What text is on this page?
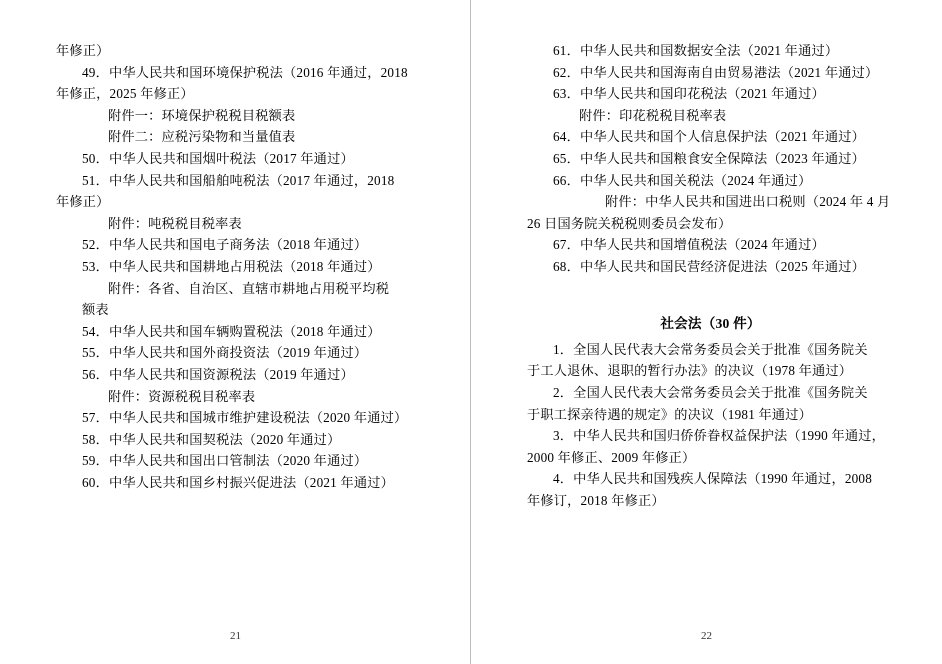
年修正）

49．中华人民共和国环境保护税法（2016 年通过，2018

年修正，2025 年修正）

附件一：环境保护税税目税额表

附件二：应税污染物和当量值表

50．中华人民共和国烟叶税法（2017 年通过）

51．中华人民共和国船舶吨税法（2017 年通过，2018

年修正）

附件：吨税税目税率表

52．中华人民共和国电子商务法（2018 年通过）

53．中华人民共和国耕地占用税法（2018 年通过）

附件：各省、自治区、直辖市耕地占用税平均税

额表

54．中华人民共和国车辆购置税法（2018 年通过）

55．中华人民共和国外商投资法（2019 年通过）

56．中华人民共和国资源税法（2019 年通过）

附件：资源税税目税率表

57．中华人民共和国城市维护建设税法（2020 年通过）

58．中华人民共和国契税法（2020 年通过）

59．中华人民共和国出口管制法（2020 年通过）

60．中华人民共和国乡村振兴促进法（2021 年通过）

21

61．中华人民共和国数据安全法（2021 年通过）

62．中华人民共和国海南自由贸易港法（2021 年通过）

63．中华人民共和国印花税法（2021 年通过）

附件：印花税税目税率表

64．中华人民共和国个人信息保护法（2021 年通过）

65．中华人民共和国粮食安全保障法（2023 年通过）

66．中华人民共和国关税法（2024 年通过）

附件：中华人民共和国进出口税则（2024 年 4 月

26 日国务院关税税则委员会发布）

67．中华人民共和国增值税法（2024 年通过）

68．中华人民共和国民营经济促进法（2025 年通过）

社会法（30 件）

1．全国人民代表大会常务委员会关于批准《国务院关

于工人退休、退职的暂行办法》的决议（1978 年通过）

2．全国人民代表大会常务委员会关于批准《国务院关

于职工探亲待遇的规定》的决议（1981 年通过）

3．中华人民共和国归侨侨眷权益保护法（1990 年通过，

2000 年修正、2009 年修正）

4．中华人民共和国残疾人保障法（1990 年通过，2008

年修订，2018 年修正）

22
